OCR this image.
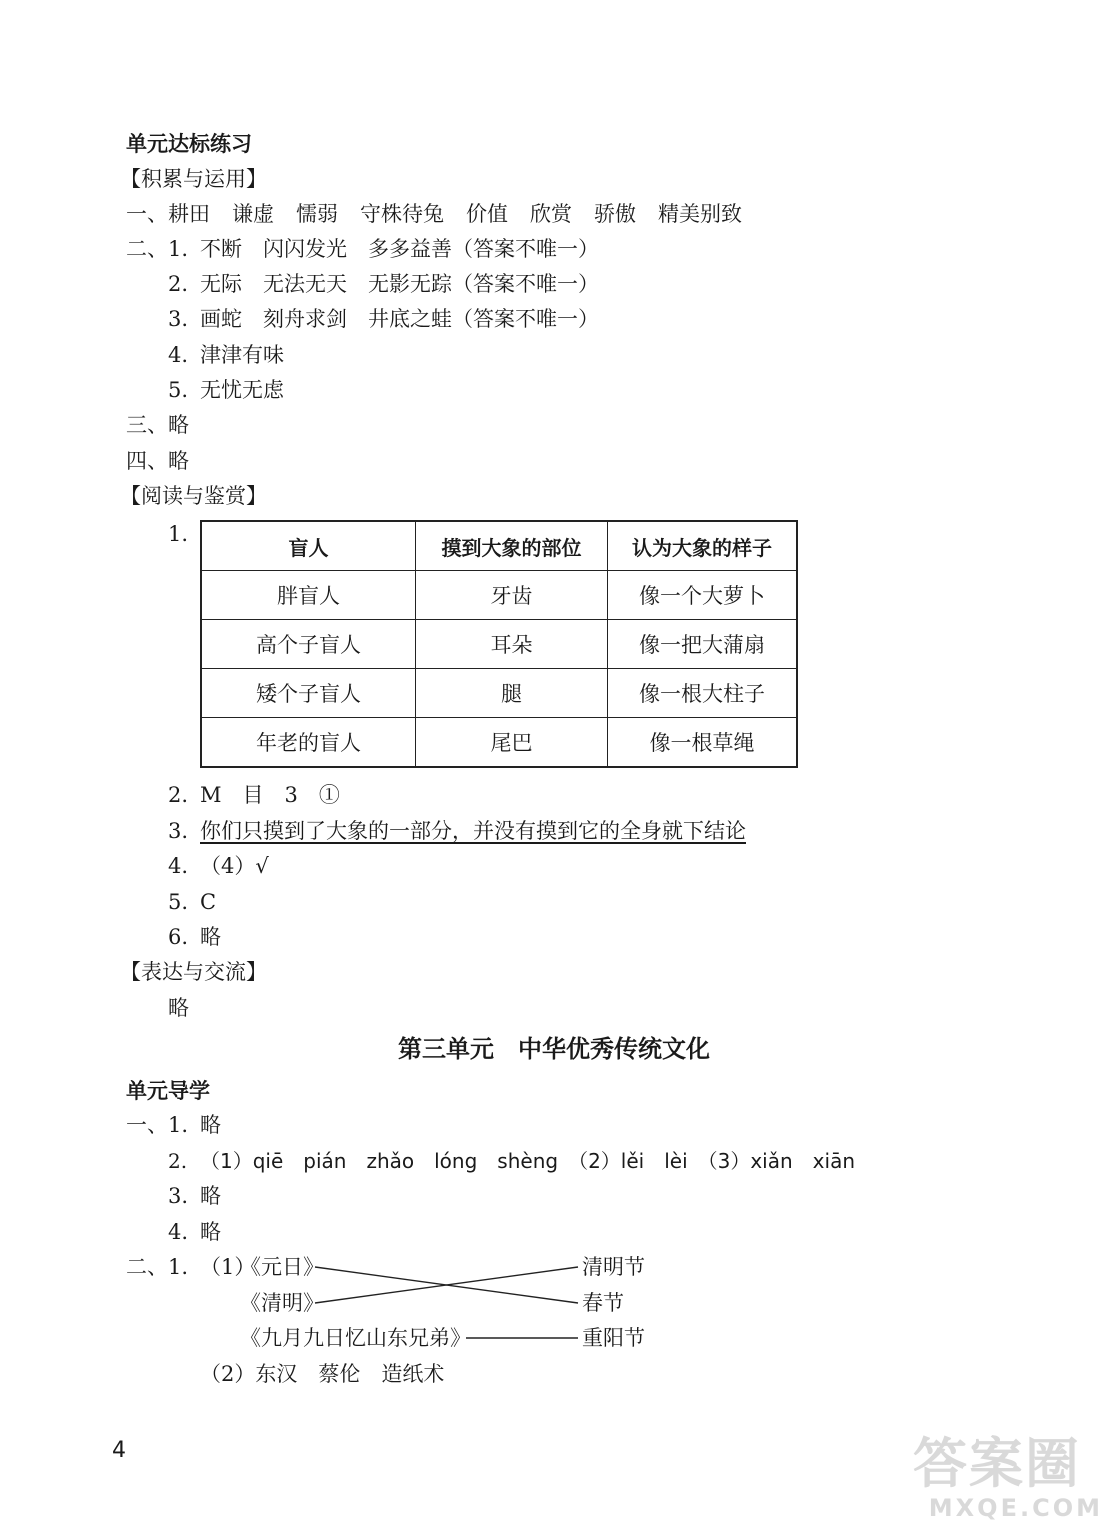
单元达标练习
【积累与运用】
一、耕田 谦虚 懦弱 守株待兔 价值 欣赏 骄傲 精美别致
二、1. 不断　闪闪发光　多多益善（答案不唯一）
2. 无际　无法无天　无影无踪（答案不唯一）
3. 画蛇　刻舟求剑　井底之蛙（答案不唯一）
4. 津津有味
5. 无忧无虑
三、略
四、略
【阅读与鉴赏】
1.
盲人	摸到大象的部位	认为大象的样子
胖盲人	牙齿	像一个大萝卜
高个子盲人	耳朵	像一把大蒲扇
矮个子盲人	腿	像一根大柱子
年老的盲人	尾巴	像一根草绳
2. M　目　3　①
3. 你们只摸到了大象的一部分，并没有摸到它的全身就下结论
4. （4）√
5. C
6. 略
【表达与交流】
略
第三单元　中华优秀传统文化
单元导学
一、1. 略
2. （1）qiē　pián　zhǎo　lóng　shèng　（2）lěi　lèi　（3）xiǎn　xiān
3. 略
4. 略
二、1. （1）
《元日》
《清明》
《九月九日忆山东兄弟》
清明节
春节
重阳节
（2）东汉　蔡伦　造纸术
4	答案圈
MXQE.COM
